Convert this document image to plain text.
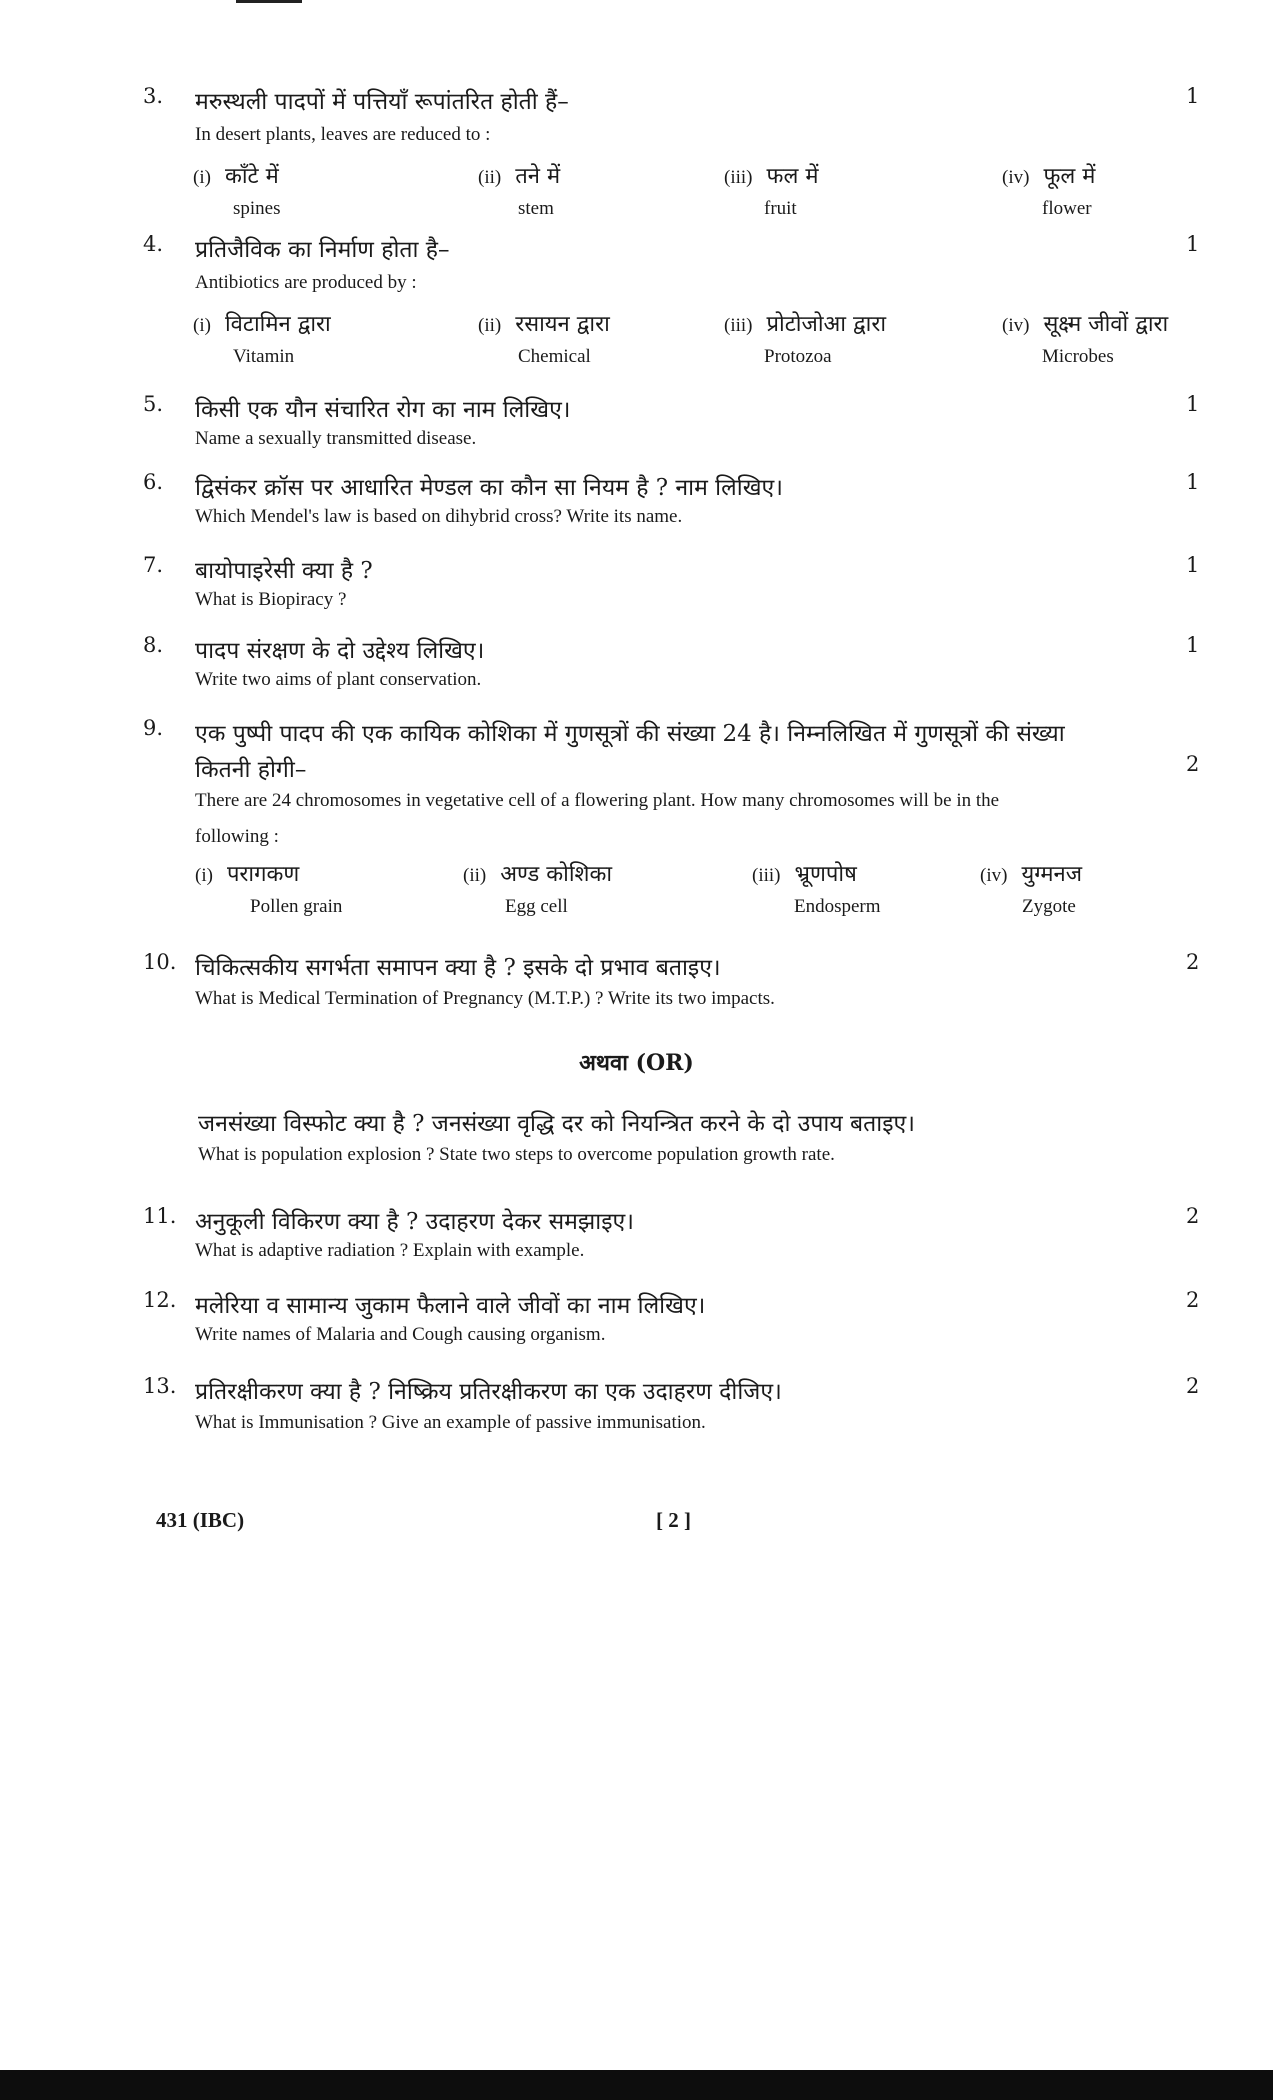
3. मरुस्थली पादपों में पत्तियाँ रूपांतरित होती हैं–	1
In desert plants, leaves are reduced to :
(i) काँटे में
spines
(ii) तने में
stem
(iii) फल में
fruit
(iv) फूल में
flower
4. प्रतिजैविक का निर्माण होता है–	1
Antibiotics are produced by :
(i) विटामिन द्वारा
Vitamin
(ii) रसायन द्वारा
Chemical
(iii) प्रोटोजोआ द्वारा
Protozoa
(iv) सूक्ष्म जीवों द्वारा
Microbes
5. किसी एक यौन संचारित रोग का नाम लिखिए।	1
Name a sexually transmitted disease.
6. द्विसंकर क्रॉस पर आधारित मेण्डल का कौन सा नियम है ? नाम लिखिए।	1
Which Mendel's law is based on dihybrid cross? Write its name.
7. बायोपाइरेसी क्या है ?	1
What is Biopiracy ?
8. पादप संरक्षण के दो उद्देश्य लिखिए।	1
Write two aims of plant conservation.
9. एक पुष्पी पादप की एक कायिक कोशिका में गुणसूत्रों की संख्या 24 है। निम्नलिखित में गुणसूत्रों की संख्या
कितनी होगी–	2
There are 24 chromosomes in vegetative cell of a flowering plant. How many chromosomes will be in the
following :
(i) परागकण
Pollen grain
(ii) अण्ड कोशिका
Egg cell
(iii) भ्रूणपोष
Endosperm
(iv) युग्मनज
Zygote
10. चिकित्सकीय सगर्भता समापन क्या है ? इसके दो प्रभाव बताइए।	2
What is Medical Termination of Pregnancy (M.T.P.) ? Write its two impacts.
अथवा (OR)
जनसंख्या विस्फोट क्या है ? जनसंख्या वृद्धि दर को नियन्त्रित करने के दो उपाय बताइए।
What is population explosion ? State two steps to overcome population growth rate.
11. अनुकूली विकिरण क्या है ? उदाहरण देकर समझाइए।	2
What is adaptive radiation ? Explain with example.
12. मलेरिया व सामान्य जुकाम फैलाने वाले जीवों का नाम लिखिए।	2
Write names of Malaria and Cough causing organism.
13. प्रतिरक्षीकरण क्या है ? निष्क्रिय प्रतिरक्षीकरण का एक उदाहरण दीजिए।	2
What is Immunisation ? Give an example of passive immunisation.
431 (IBC)	[ 2 ]
